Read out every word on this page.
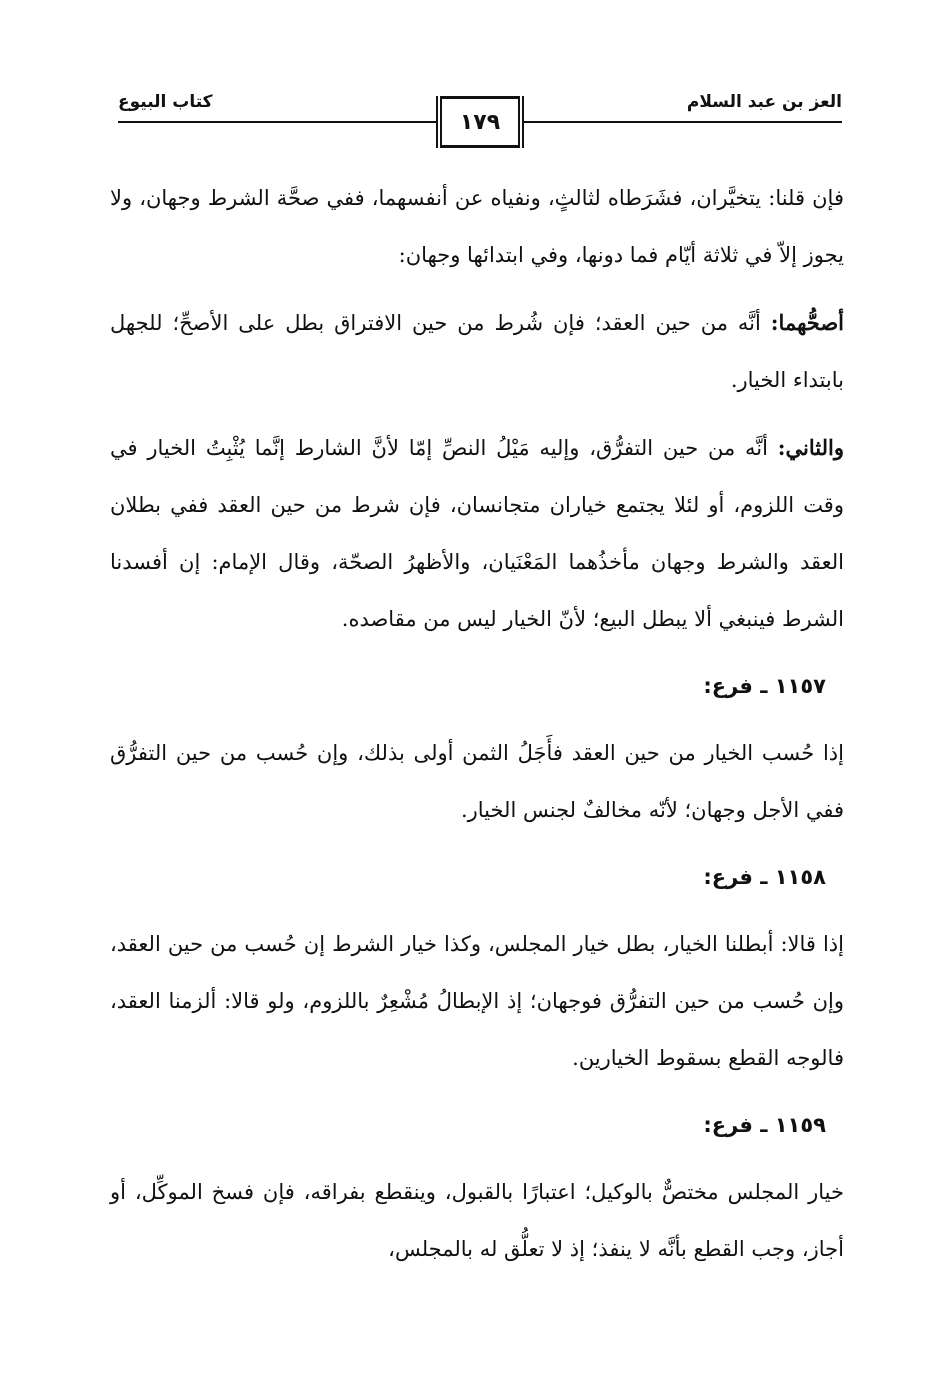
العز بن عبد السلام
كتاب البيوع
١٧٩

فإن قلنا: يتخيَّران، فشَرَطاه لثالثٍ، ونفياه عن أنفسهما، ففي صحَّة الشرط وجهان، ولا يجوز إلاّ في ثلاثة أيّام فما دونها، وفي ابتدائها وجهان:

أصحُّهما: أنَّه من حين العقد؛ فإن شُرط من حين الافتراق بطل على الأصحِّ؛ للجهل بابتداء الخيار.

والثاني: أنَّه من حين التفرُّق، وإليه مَيْلُ النصِّ إمّا لأنَّ الشارط إنَّما يُثْبِتُ الخيار في وقت اللزوم، أو لئلا يجتمع خياران متجانسان، فإن شرط من حين العقد ففي بطلان العقد والشرط وجهان مأخذُهما المَعْنَيان، والأظهرُ الصحّة، وقال الإمام: إن أفسدنا الشرط فينبغي ألا يبطل البيع؛ لأنّ الخيار ليس من مقاصده.

١١٥٧ ـ فرع:

إذا حُسب الخيار من حين العقد فأَجَلُ الثمن أولى بذلك، وإن حُسب من حين التفرُّق ففي الأجل وجهان؛ لأنّه مخالفٌ لجنس الخيار.

١١٥٨ ـ فرع:

إذا قالا: أبطلنا الخيار، بطل خيار المجلس، وكذا خيار الشرط إن حُسب من حين العقد، وإن حُسب من حين التفرُّق فوجهان؛ إذ الإبطالُ مُشْعِرٌ باللزوم، ولو قالا: ألزمنا العقد، فالوجه القطع بسقوط الخيارين.

١١٥٩ ـ فرع:

خيار المجلس مختصٌّ بالوكيل؛ اعتبارًا بالقبول، وينقطع بفراقه، فإن فسخ الموكِّل، أو أجاز، وجب القطع بأنَّه لا ينفذ؛ إذ لا تعلُّق له بالمجلس،
